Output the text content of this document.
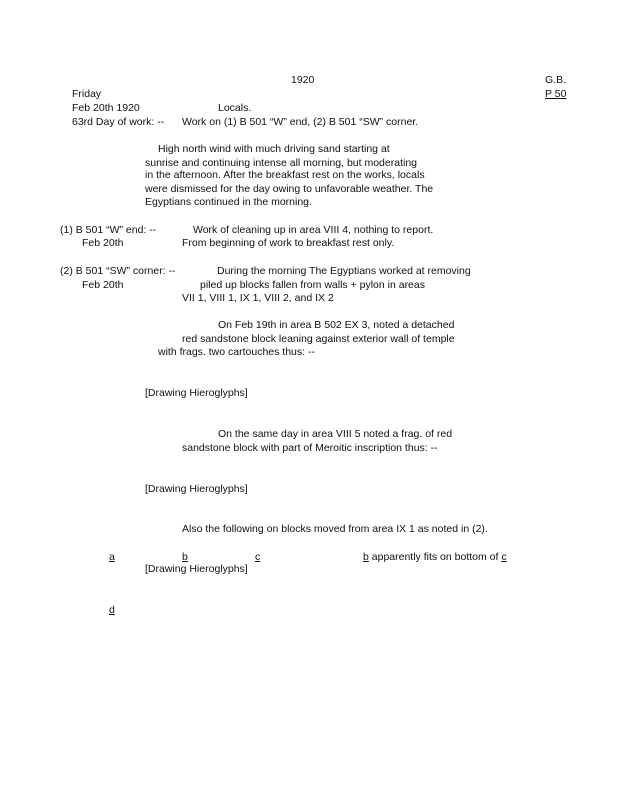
1920	G.B.
Friday	P 50
Feb 20th 1920	Locals.
63rd Day of work: -- Work on (1) B 501 “W” end, (2) B 501 “SW” corner.
High north wind with much driving sand starting at
sunrise and continuing intense all morning, but moderating
in the afternoon. After the breakfast rest on the works, locals
were dismissed for the day owing to unfavorable weather. The
Egyptians continued in the morning.
(1) B 501 “W” end: --	Work of cleaning up in area VIII 4, nothing to report.
Feb 20th	From beginning of work to breakfast rest only.
(2) B 501 “SW” corner: --	During the morning The Egyptians worked at removing
Feb 20th	piled up blocks fallen from walls + pylon in areas
VII 1, VIII 1, IX 1, VIII 2, and IX 2
On Feb 19th in area B 502 EX 3, noted a detached
red sandstone block leaning against exterior wall of temple
with frags. two cartouches thus: --
[Drawing Hieroglyphs]
On the same day in area VIII 5 noted a frag. of red
sandstone block with part of Meroitic inscription thus: --
[Drawing Hieroglyphs]
Also the following on blocks moved from area IX 1 as noted in (2).
a	b	c	b apparently fits on bottom of c
[Drawing Hieroglyphs]
d
